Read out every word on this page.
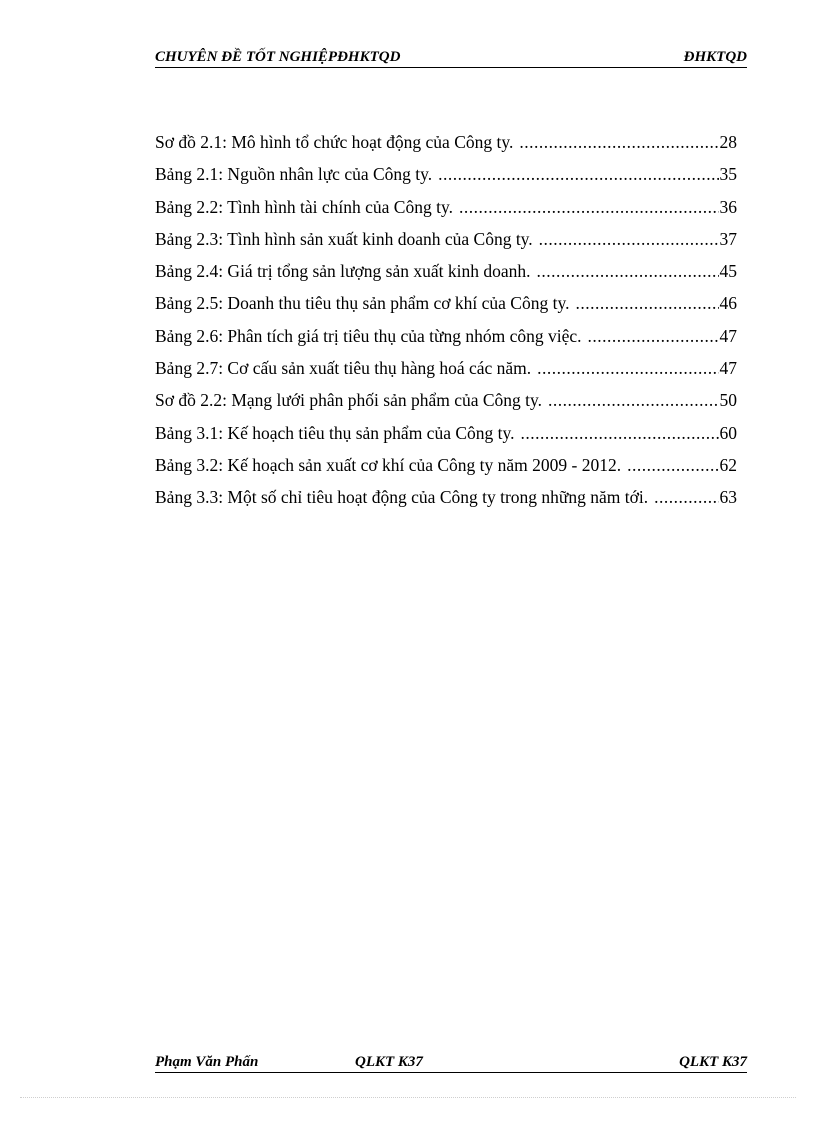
CHUYÊN ĐỀ TỐT NGHIỆPĐHKTQD	ĐHKTQD
Sơ đồ 2.1: Mô hình tổ chức hoạt động của Công ty. .....	28
Bảng 2.1: Nguồn nhân lực của Công ty. .....	35
Bảng 2.2: Tình hình tài chính của Công ty. .....	36
Bảng 2.3: Tình hình sản xuất kinh doanh của Công ty. .....	37
Bảng 2.4: Giá trị tổng sản lượng sản xuất kinh doanh. .....	45
Bảng 2.5: Doanh thu tiêu thụ sản phẩm cơ khí của Công ty. .....	46
Bảng 2.6: Phân tích giá trị tiêu thụ của từng nhóm công việc. .....	47
Bảng 2.7: Cơ cấu sản xuất tiêu thụ hàng hoá các năm. .....	47
Sơ đồ 2.2: Mạng lưới phân phối sản phẩm của Công ty. .....	50
Bảng 3.1: Kế hoạch tiêu thụ sản phẩm của Công ty. .....	60
Bảng 3.2: Kế hoạch sản xuất cơ khí của Công ty năm 2009 - 2012. .....	62
Bảng 3.3: Một số chỉ tiêu hoạt động của Công ty trong những năm tới. .....	63
Phạm Văn Phấn	QLKT K37	QLKT K37
